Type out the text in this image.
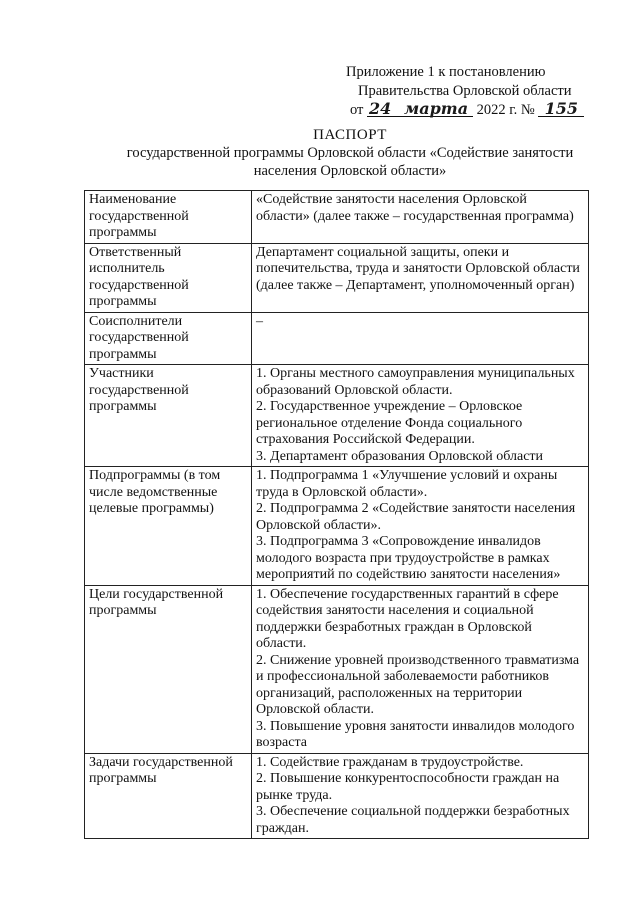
Приложение 1 к постановлению
Правительства Орловской области
от 24 марта 2022 г. № 155
ПАСПОРТ
государственной программы Орловской области «Содействие занятости
населения Орловской области»
Наименование государственной программы	«Содействие занятости населения Орловской области» (далее также – государственная программа)

Ответственный исполнитель государственной программы	Департамент социальной защиты, опеки и попечительства, труда и занятости Орловской области (далее также – Департамент, уполномоченный орган)

Соисполнители государственной программы	–

Участники государственной программы	1. Органы местного самоуправления муниципальных образований Орловской области.
2. Государственное учреждение – Орловское региональное отделение Фонда социального страхования Российской Федерации.
3. Департамент образования Орловской области

Подпрограммы (в том числе ведомственные целевые программы)	1. Подпрограмма 1 «Улучшение условий и охраны труда в Орловской области».
2. Подпрограмма 2 «Содействие занятости населения Орловской области».
3. Подпрограмма 3 «Сопровождение инвалидов молодого возраста при трудоустройстве в рамках мероприятий по содействию занятости населения»

Цели государственной программы	1. Обеспечение государственных гарантий в сфере содействия занятости населения и социальной поддержки безработных граждан в Орловской области.
2. Снижение уровней производственного травматизма и профессиональной заболеваемости работников организаций, расположенных на территории Орловской области.
3. Повышение уровня занятости инвалидов молодого возраста

Задачи государственной программы	1. Содействие гражданам в трудоустройстве.
2. Повышение конкурентоспособности граждан на рынке труда.
3. Обеспечение социальной поддержки безработных граждан.
